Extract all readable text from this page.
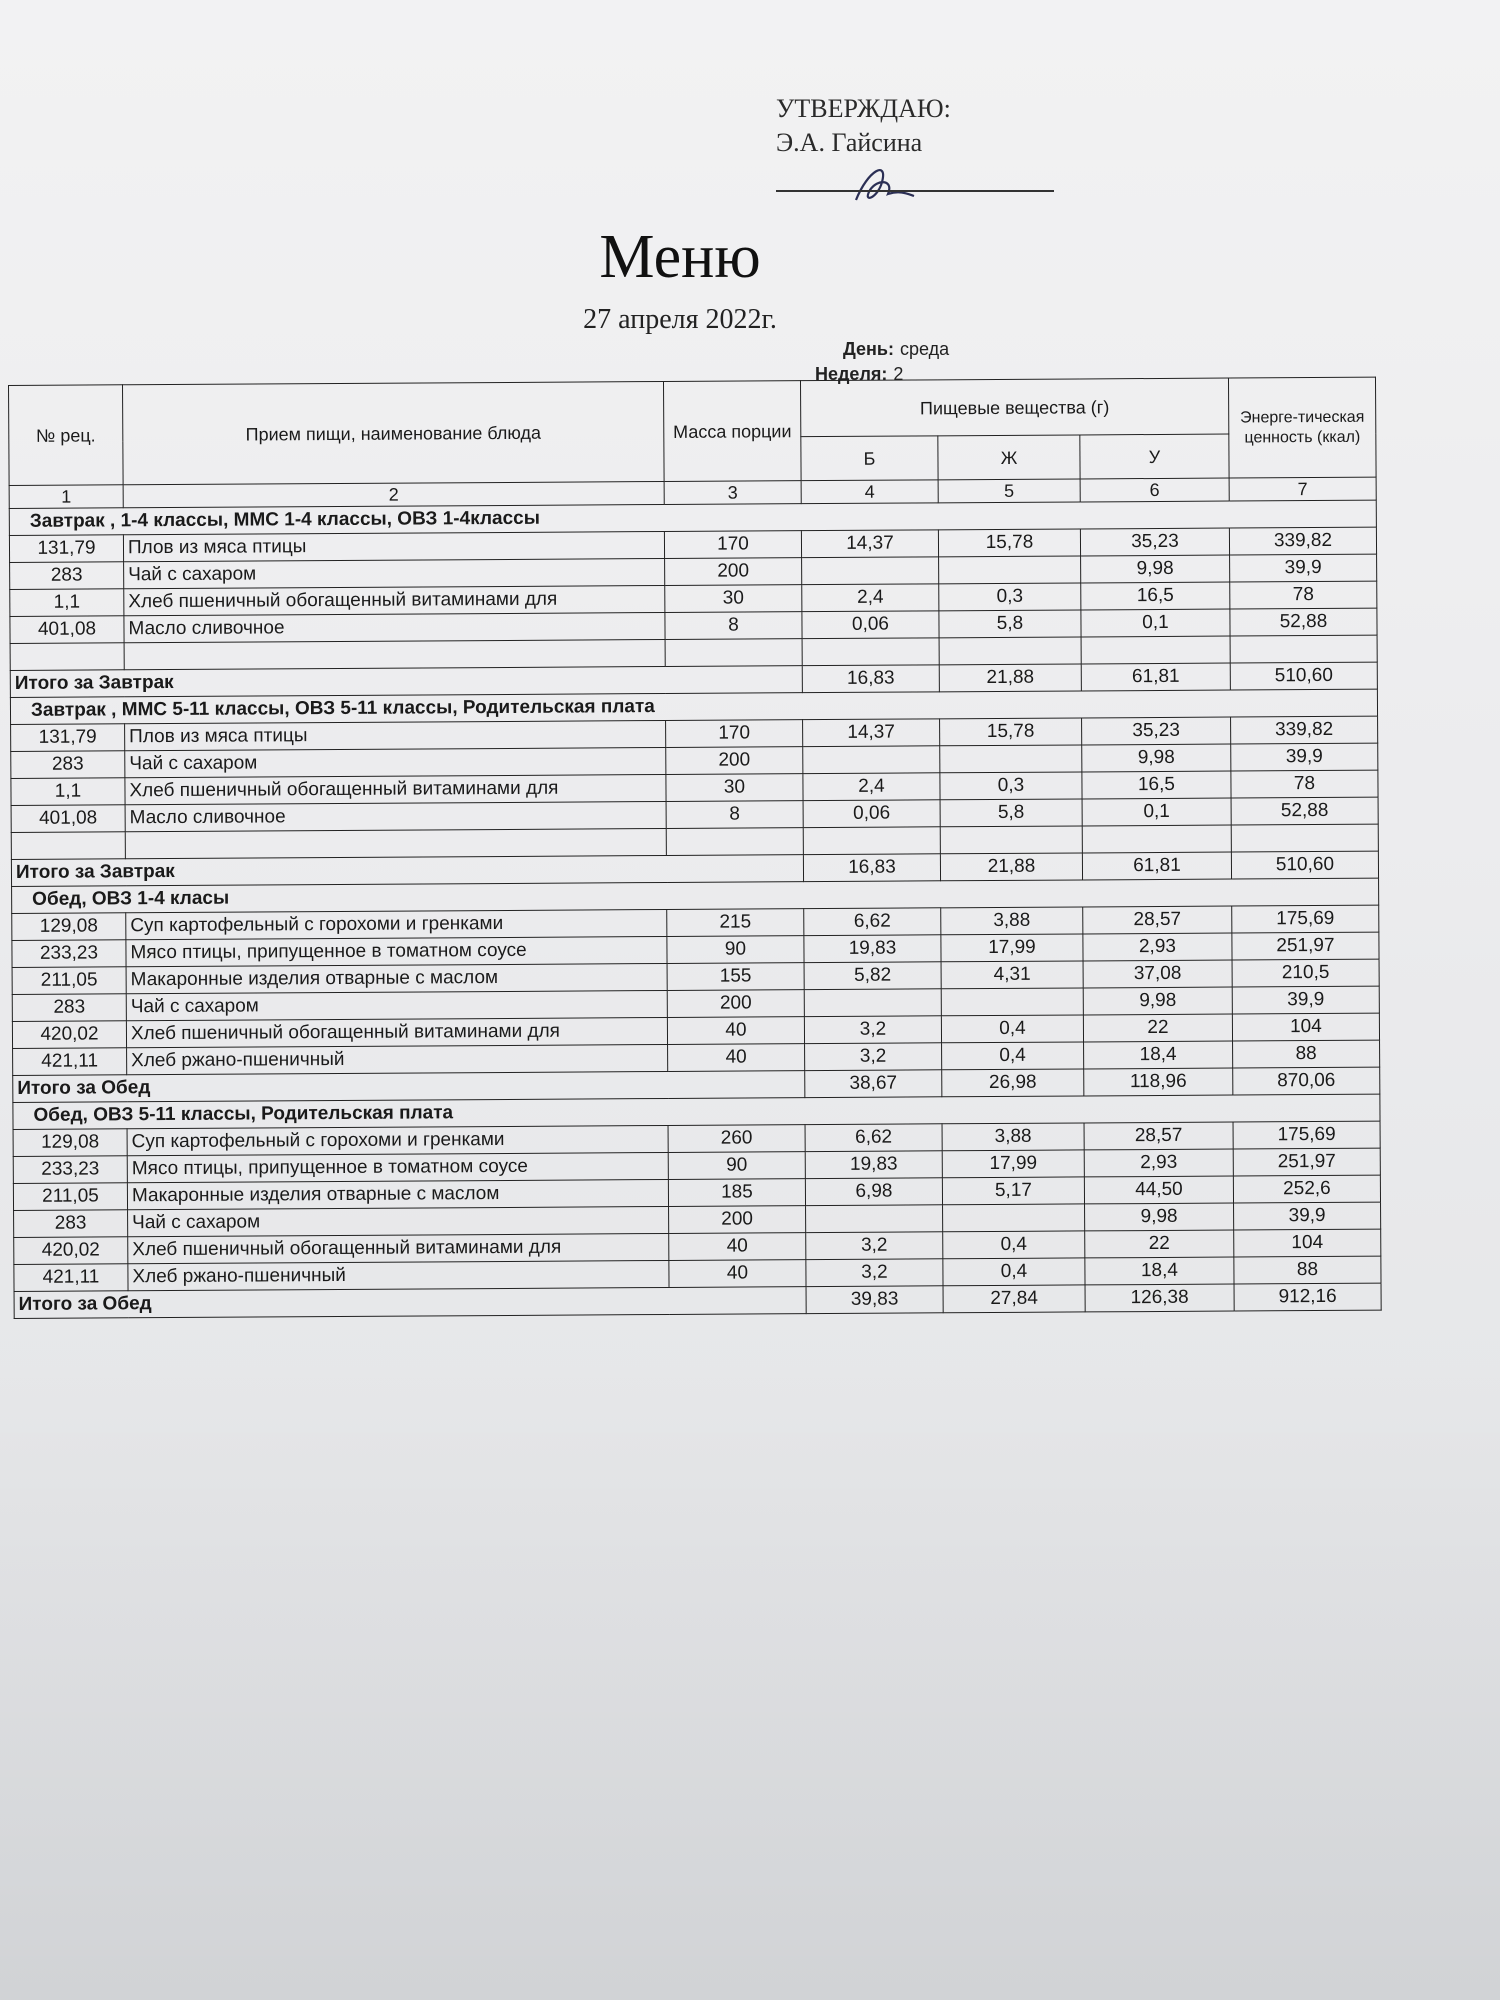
УТВЕРЖДАЮ:
Э.А. Гайсина
Меню
27 апреля 2022г.
День: среда
Неделя: 2
№ рец.	Прием пищи, наименование блюда	Масса порции	Пищевые вещества (г)			Энерге-тическая ценность (ккал)
			Б	Ж	У	
1	2	3	4	5	6	7
Завтрак , 1-4 классы, ММС 1-4 классы, ОВЗ 1-4классы						
131,79	Плов из мяса птицы	170	14,37	15,78	35,23	339,82
283	Чай с сахаром	200			9,98	39,9
1,1	Хлеб пшеничный обогащенный витаминами для	30	2,4	0,3	16,5	78
401,08	Масло сливочное	8	0,06	5,8	0,1	52,88

Итого за Завтрак			16,83	21,88	61,81	510,60
Завтрак , ММС 5-11 классы, ОВЗ 5-11 классы, Родительская плата						
131,79	Плов из мяса птицы	170	14,37	15,78	35,23	339,82
283	Чай с сахаром	200			9,98	39,9
1,1	Хлеб пшеничный обогащенный витаминами для	30	2,4	0,3	16,5	78
401,08	Масло сливочное	8	0,06	5,8	0,1	52,88

Итого за Завтрак			16,83	21,88	61,81	510,60
Обед, ОВЗ 1-4 класы						
129,08	Суп картофельный с горохоми и гренками	215	6,62	3,88	28,57	175,69
233,23	Мясо птицы, припущенное в томатном соусе	90	19,83	17,99	2,93	251,97
211,05	Макаронные изделия отварные с маслом	155	5,82	4,31	37,08	210,5
283	Чай с сахаром	200			9,98	39,9
420,02	Хлеб пшеничный обогащенный витаминами для	40	3,2	0,4	22	104
421,11	Хлеб ржано-пшеничный	40	3,2	0,4	18,4	88
Итого за Обед			38,67	26,98	118,96	870,06
Обед, ОВЗ 5-11 классы, Родительская плата						
129,08	Суп картофельный с горохоми и гренками	260	6,62	3,88	28,57	175,69
233,23	Мясо птицы, припущенное в томатном соусе	90	19,83	17,99	2,93	251,97
211,05	Макаронные изделия отварные с маслом	185	6,98	5,17	44,50	252,6
283	Чай с сахаром	200			9,98	39,9
420,02	Хлеб пшеничный обогащенный витаминами для	40	3,2	0,4	22	104
421,11	Хлеб ржано-пшеничный	40	3,2	0,4	18,4	88
Итого за Обед			39,83	27,84	126,38	912,16
